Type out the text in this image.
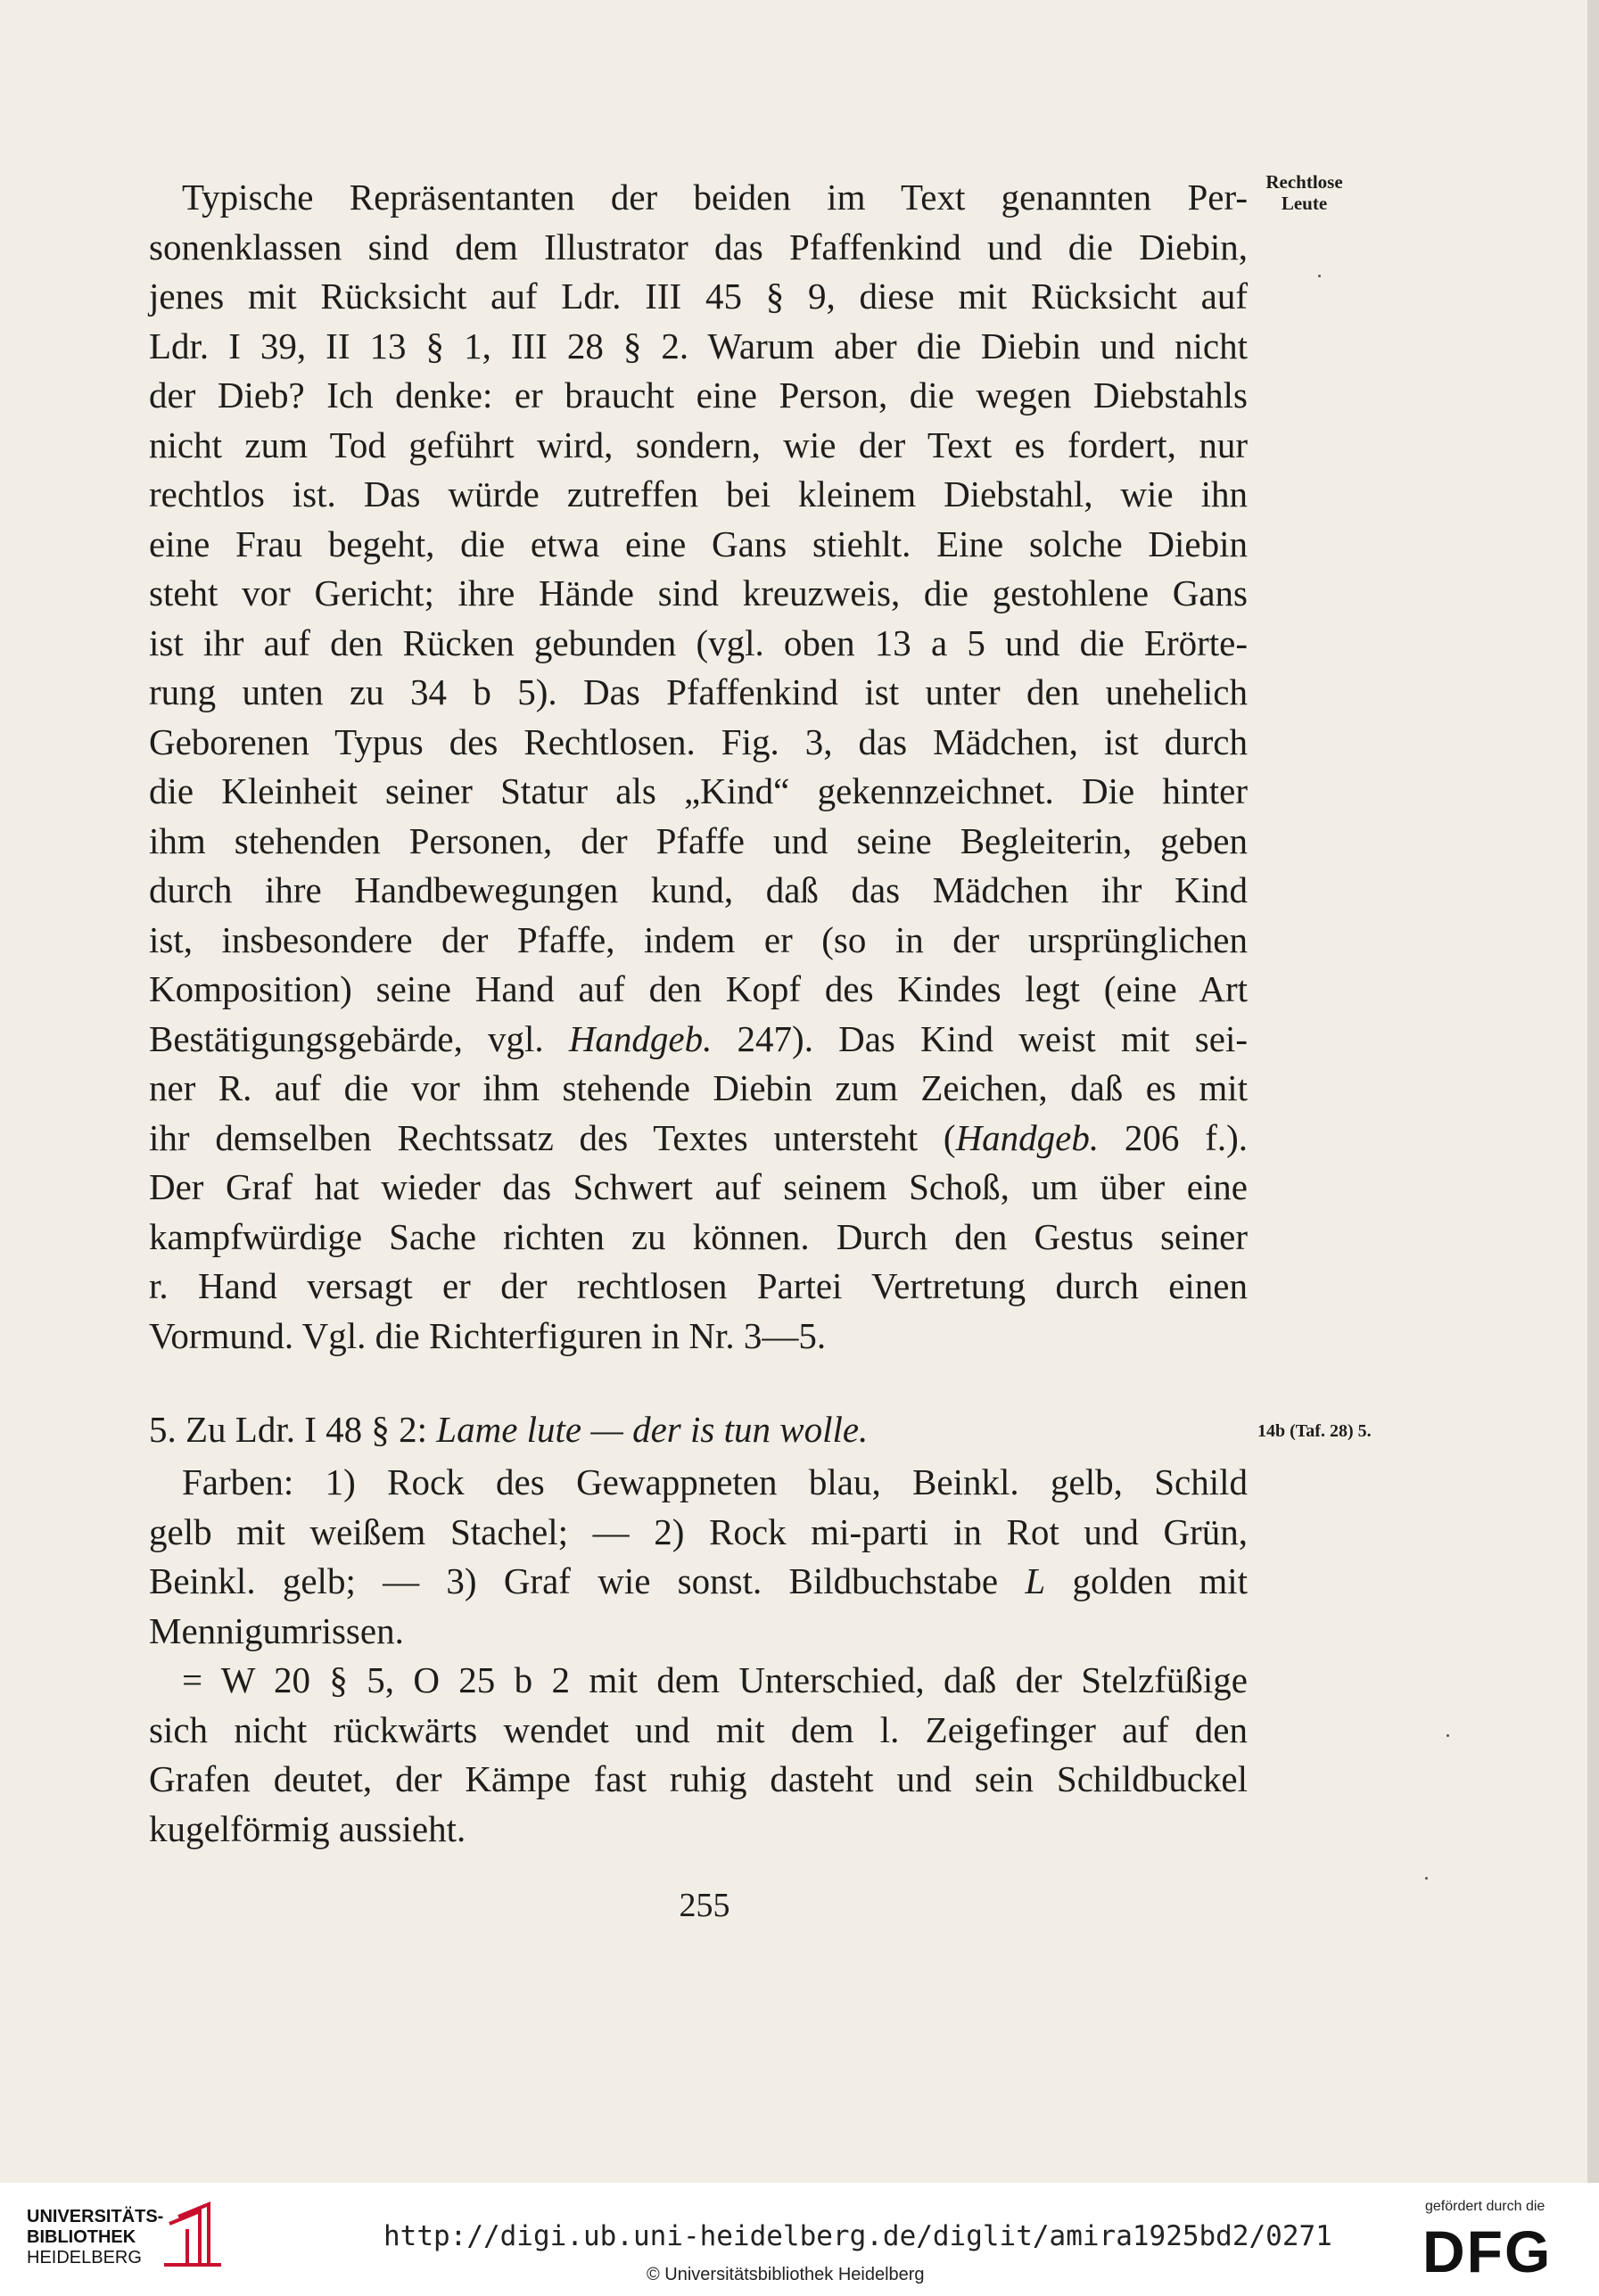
Rechtlose
Leute
14b (Taf. 28) 5.
Typische Repräsentanten der beiden im Text genannten Per-
sonenklassen sind dem Illustrator das Pfaffenkind und die Diebin,
jenes mit Rücksicht auf Ldr. III 45 § 9, diese mit Rücksicht auf
Ldr. I 39, II 13 § 1, III 28 § 2. Warum aber die Diebin und nicht
der Dieb? Ich denke: er braucht eine Person, die wegen Diebstahls
nicht zum Tod geführt wird, sondern, wie der Text es fordert, nur
rechtlos ist. Das würde zutreffen bei kleinem Diebstahl, wie ihn
eine Frau begeht, die etwa eine Gans stiehlt. Eine solche Diebin
steht vor Gericht; ihre Hände sind kreuzweis, die gestohlene Gans
ist ihr auf den Rücken gebunden (vgl. oben 13 a 5 und die Erörte-
rung unten zu 34 b 5). Das Pfaffenkind ist unter den unehelich
Geborenen Typus des Rechtlosen. Fig. 3, das Mädchen, ist durch
die Kleinheit seiner Statur als „Kind“ gekennzeichnet. Die hinter
ihm stehenden Personen, der Pfaffe und seine Begleiterin, geben
durch ihre Handbewegungen kund, daß das Mädchen ihr Kind
ist, insbesondere der Pfaffe, indem er (so in der ursprünglichen
Komposition) seine Hand auf den Kopf des Kindes legt (eine Art
Bestätigungsgebärde, vgl. Handgeb. 247). Das Kind weist mit sei-
ner R. auf die vor ihm stehende Diebin zum Zeichen, daß es mit
ihr demselben Rechtssatz des Textes untersteht (Handgeb. 206 f.).
Der Graf hat wieder das Schwert auf seinem Schoß, um über eine
kampfwürdige Sache richten zu können. Durch den Gestus seiner
r. Hand versagt er der rechtlosen Partei Vertretung durch einen
Vormund. Vgl. die Richterfiguren in Nr. 3—5.
5. Zu Ldr. I 48 § 2: Lame lute — der is tun wolle.
Farben: 1) Rock des Gewappneten blau, Beinkl. gelb, Schild
gelb mit weißem Stachel; — 2) Rock mi-parti in Rot und Grün,
Beinkl. gelb; — 3) Graf wie sonst. Bildbuchstabe L golden mit
Mennigumrissen.
= W 20 § 5, O 25 b 2 mit dem Unterschied, daß der Stelzfüßige
sich nicht rückwärts wendet und mit dem l. Zeigefinger auf den
Grafen deutet, der Kämpe fast ruhig dasteht und sein Schildbuckel
kugelförmig aussieht.
255
UNIVERSITÄTS-
BIBLIOTHEK
HEIDELBERG
http://digi.ub.uni-heidelberg.de/diglit/amira1925bd2/0271
© Universitätsbibliothek Heidelberg
gefördert durch die
DFG
